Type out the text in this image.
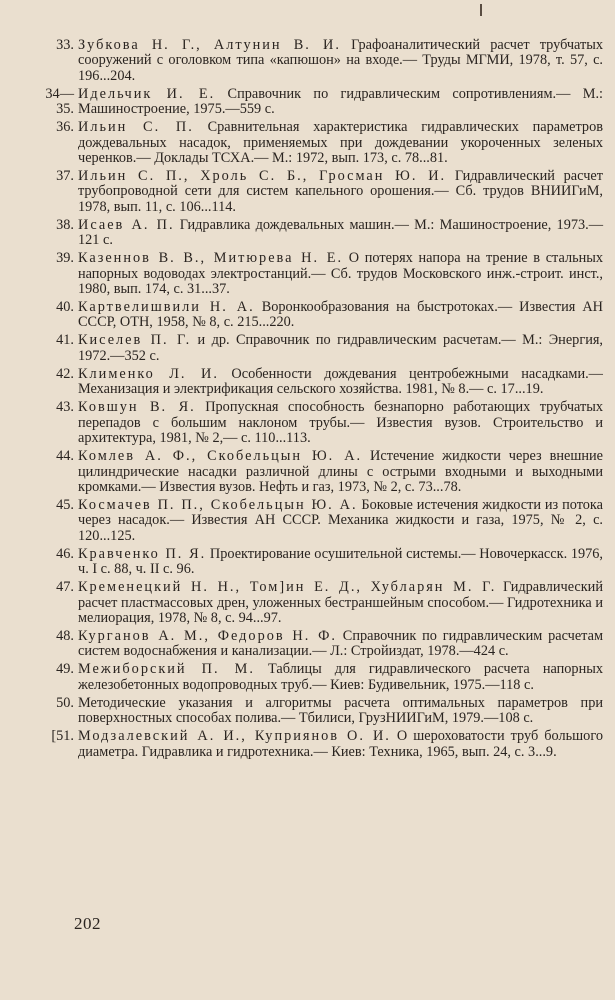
33. Зубкова Н. Г., Алтунин В. И. Графоаналитический расчет трубчатых сооружений с оголовком типа «капюшон» на входе.— Труды МГМИ, 1978, т. 57, с. 196...204.
34—
35.
Идельчик И. Е. Справочник по гидравлическим сопротивлениям.— М.: Машиностроение, 1975.—559 с.
36. Ильин С. П. Сравнительная характеристика гидравлических параметров дождевальных насадок, применяемых при дождевании укороченных зеленых черенков.— Доклады ТСХА.— М.: 1972, вып. 173, с. 78...81.
37. Ильин С. П., Хроль С. Б., Гросман Ю. И. Гидравлический расчет трубопроводной сети для систем капельного орошения.— Сб. трудов ВНИИГиМ, 1978, вып. 11, с. 106...114.
38. Исаев А. П. Гидравлика дождевальных машин.— М.: Машиностроение, 1973.—121 с.
39. Казеннов В. В., Митюрева Н. Е. О потерях напора на трение в стальных напорных водоводах электростанций.— Сб. трудов Московского инж.-строит. инст., 1980, вып. 174, с. 31...37.
40. Картвелишвили Н. А. Воронкообразования на быстротоках.— Известия АН СССР, ОТН, 1958, № 8, с. 215...220.
41. Киселев П. Г. и др. Справочник по гидравлическим расчетам.— М.: Энергия, 1972.—352 с.
42. Клименко Л. И. Особенности дождевания центробежными насадками.— Механизация и электрификация сельского хозяйства. 1981, № 8.— с. 17...19.
43. Ковшун В. Я. Пропускная способность безнапорно работающих трубчатых перепадов с большим наклоном трубы.— Известия вузов. Строительство и архитектура, 1981, № 2,— с. 110...113.
44. Комлев А. Ф., Скобельцын Ю. А. Истечение жидкости через внешние цилиндрические насадки различной длины с острыми входными и выходными кромками.— Известия вузов. Нефть и газ, 1973, № 2, с. 73...78.
45. Космачев П. П., Скобельцын Ю. А. Боковые истечения жидкости из потока через насадок.— Известия АН СССР. Механика жидкости и газа, 1975, № 2, с. 120...125.
46. Кравченко П. Я. Проектирование осушительной системы.— Новочеркасск. 1976, ч. I с. 88, ч. II с. 96.
47. Кременецкий Н. Н., Том]ин Е. Д., Хубларян М. Г. Гидравлический расчет пластмассовых дрен, уложенных бестраншейным способом.— Гидротехника и мелиорация, 1978, № 8, с. 94...97.
48. Курганов А. М., Федоров Н. Ф. Справочник по гидравлическим расчетам систем водоснабжения и канализации.— Л.: Стройиздат, 1978.—424 с.
49. Межиборский П. М. Таблицы для гидравлического расчета напорных железобетонных водопроводных труб.— Киев: Будивельник, 1975.—118 с.
50. Методические указания и алгоритмы расчета оптимальных параметров при поверхностных способах полива.— Тбилиси, ГрузНИИГиМ, 1979.—108 с.
[51. Модзалевский А. И., Куприянов О. И. О шероховатости труб большого диаметра. Гидравлика и гидротехника.— Киев: Техника, 1965, вып. 24, с. 3...9.
202
